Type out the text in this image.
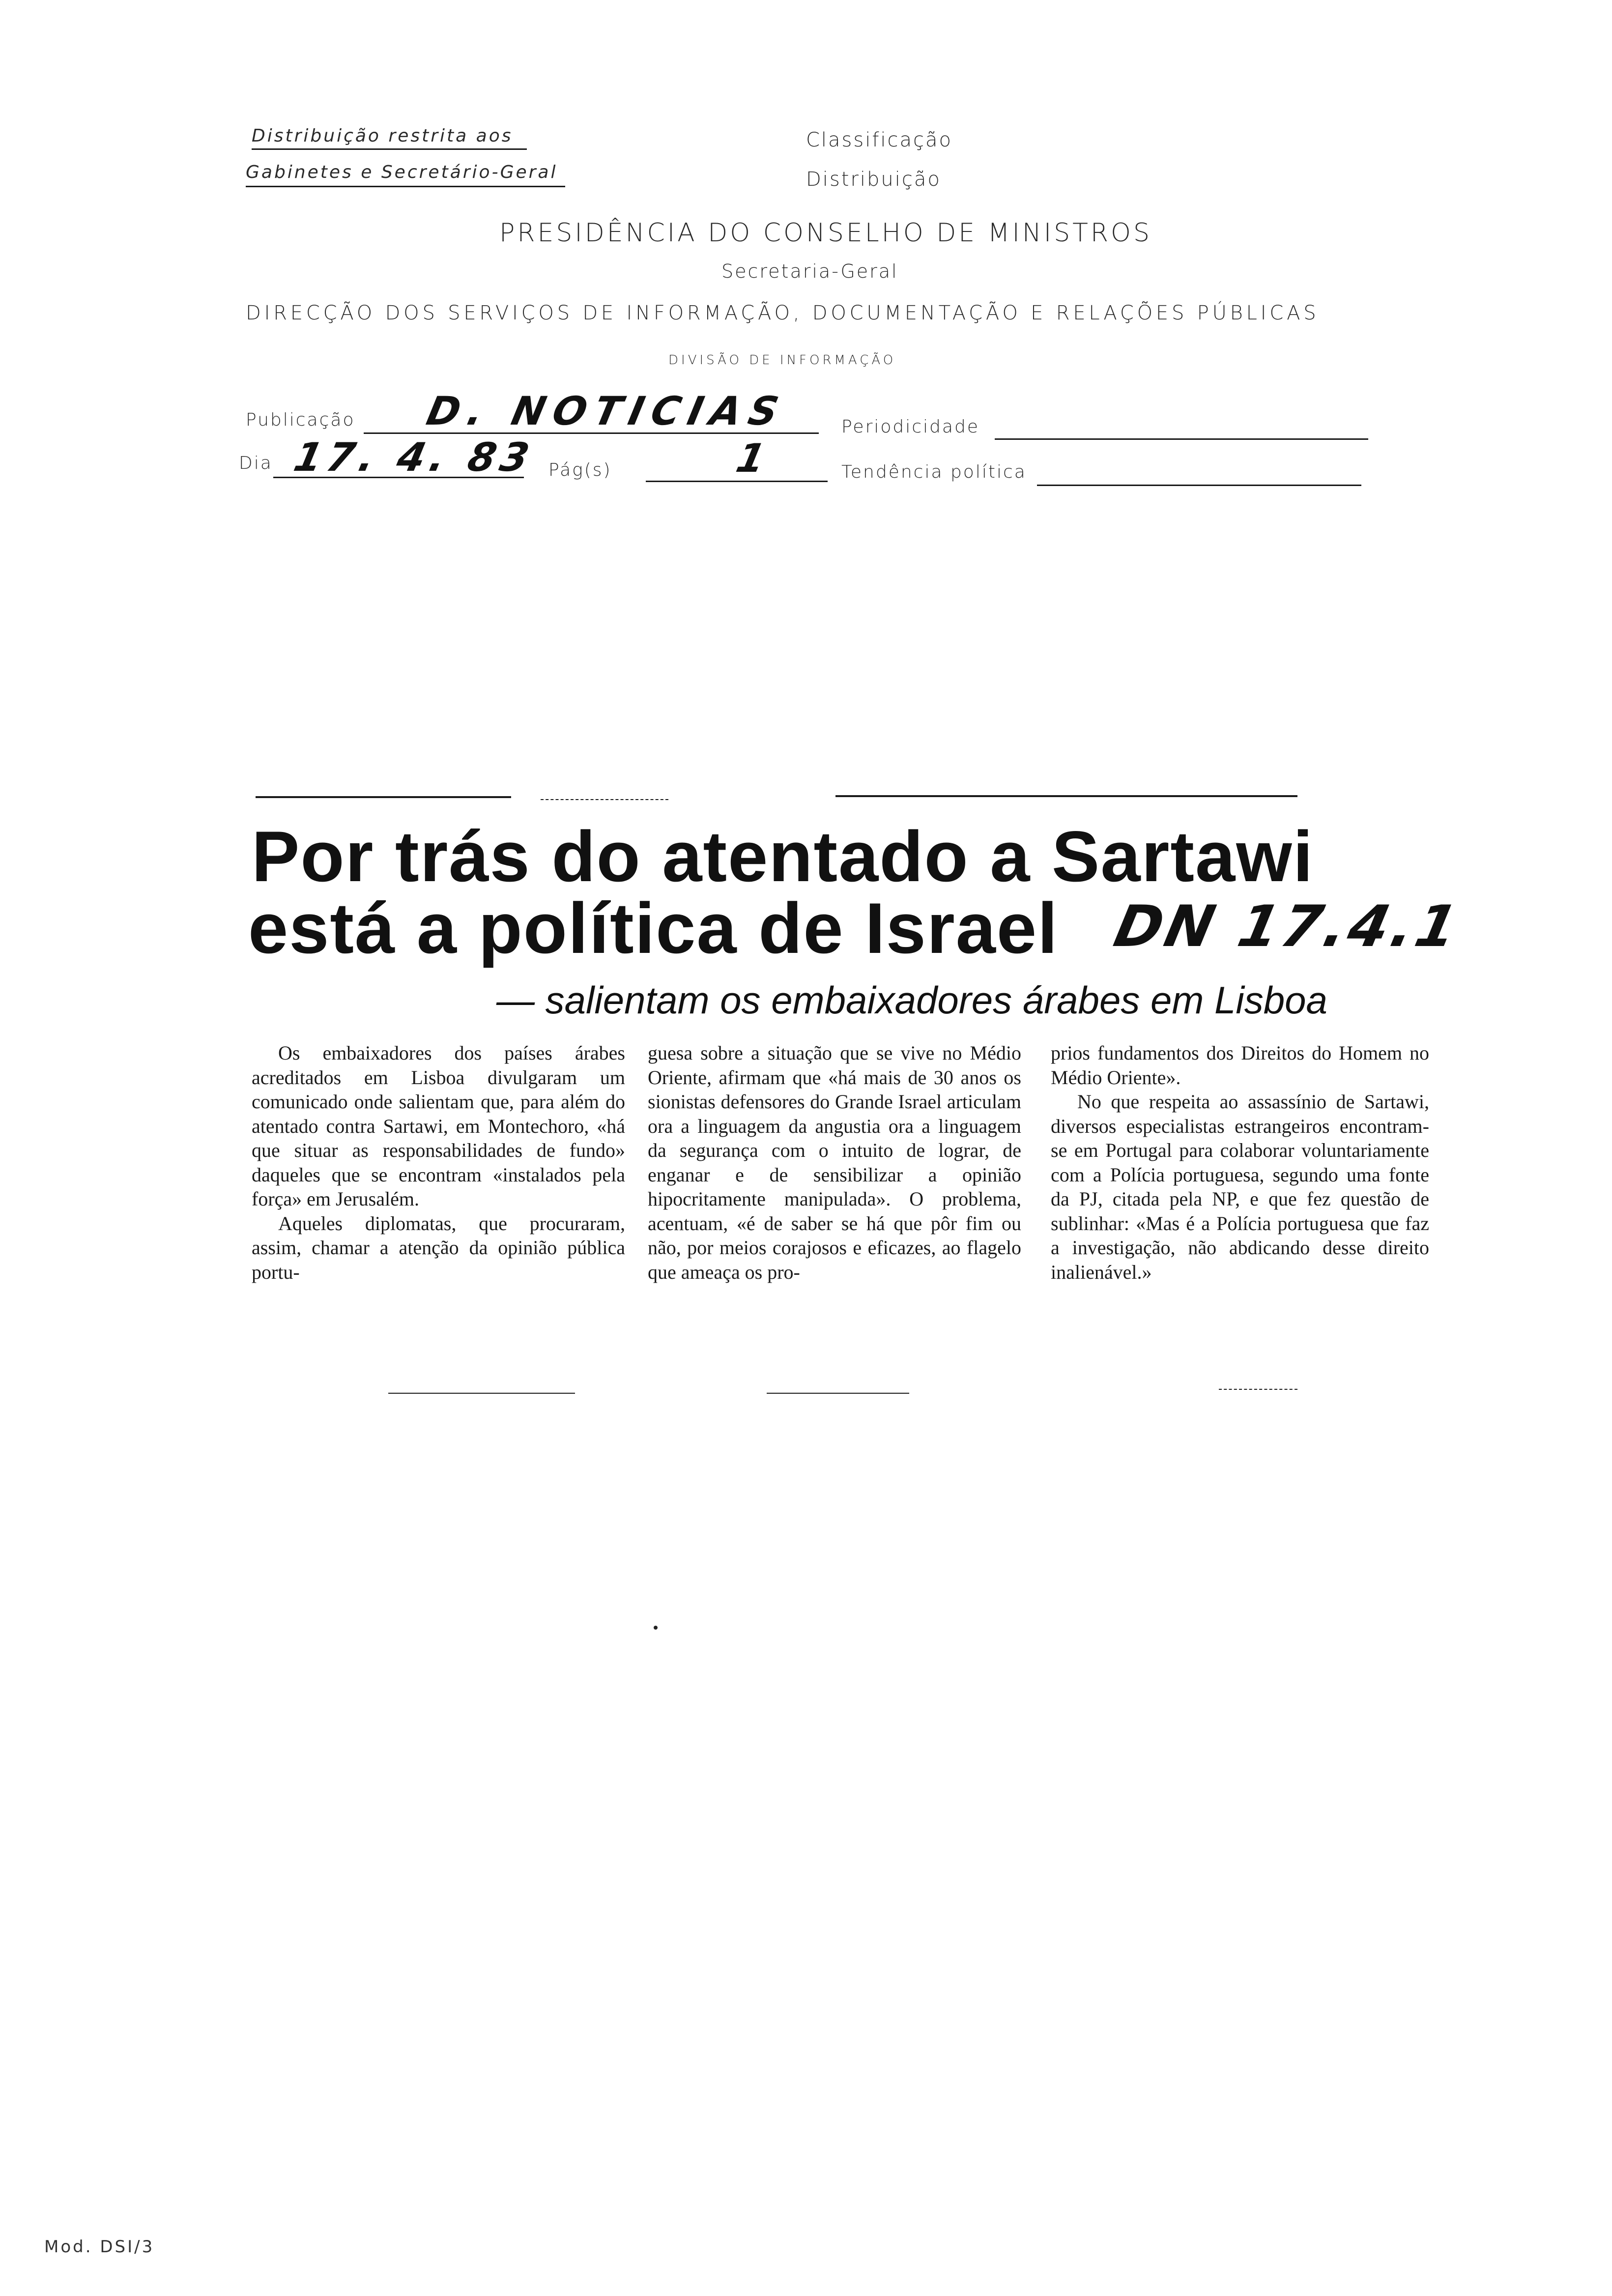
Distribuição restrita aos
Gabinetes e Secretário-Geral
Classificação
Distribuição
PRESIDÊNCIA DO CONSELHO DE MINISTROS
Secretaria-Geral
DIRECÇÃO DOS SERVIÇOS DE INFORMAÇÃO, DOCUMENTAÇÃO E RELAÇÕES PÚBLICAS
DIVISÃO DE INFORMAÇÃO
Publicação D. NOTICIAS	Periodicidade
Dia 17. 4. 83 Pág(s)	1	Tendência política
Por trás do atentado a Sartawi
está a política de Israel DN 17.4.1
— salientam os embaixadores árabes em Lisboa

Os embaixadores dos países árabes acreditados em Lisboa divulgaram um comunicado onde salientam que, para além do atentado contra Sartawi, em Montechoro, «há que situar as responsabilidades de fundo» daqueles que se encontram «instalados pela força» em Jerusalém.

Aqueles diplomatas, que procuraram, assim, chamar a atenção da opinião pública portu-

guesa sobre a situação que se vive no Médio Oriente, afirmam que «há mais de 30 anos os sionistas defensores do Grande Israel articulam ora a linguagem da angustia ora a linguagem da segurança com o intuito de lograr, de enganar e de sensibilizar a opinião hipocritamente manipulada». O problema, acentuam, «é de saber se há que pôr fim ou não, por meios corajosos e eficazes, ao flagelo que ameaça os pro-

prios fundamentos dos Direitos do Homem no Médio Oriente».

No que respeita ao assassínio de Sartawi, diversos especialistas estrangeiros encontram-se em Portugal para colaborar voluntariamente com a Polícia portuguesa, segundo uma fonte da PJ, citada pela NP, e que fez questão de sublinhar: «Mas é a Polícia portuguesa que faz a investigação, não abdicando desse direito inalienável.»

Mod. DSI/3
